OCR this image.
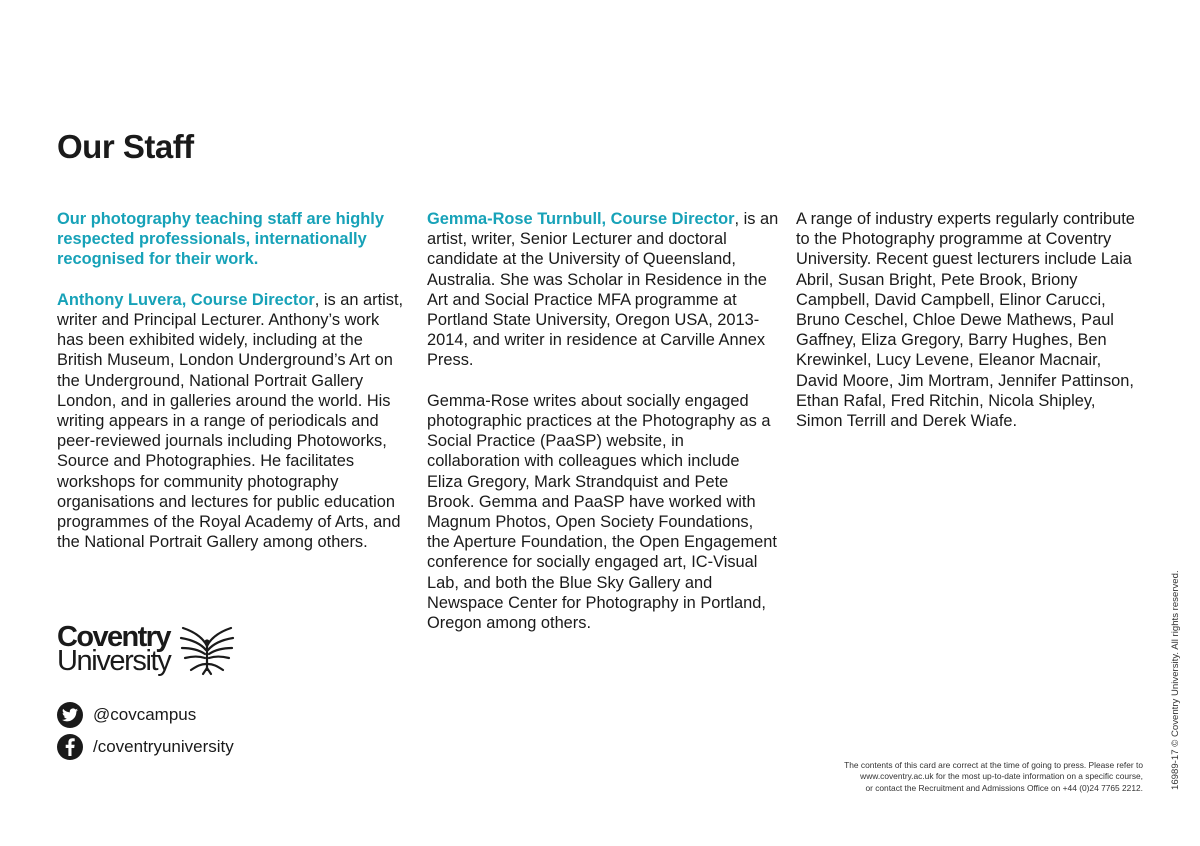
Our Staff

Our photography teaching staff are highly respected professionals, internationally recognised for their work.

Anthony Luvera, Course Director, is an artist, writer and Principal Lecturer. Anthony’s work has been exhibited widely, including at the British Museum, London Underground’s Art on the Underground, National Portrait Gallery London, and in galleries around the world. His writing appears in a range of periodicals and peer-reviewed journals including Photoworks, Source and Photographies. He facilitates workshops for community photography organisations and lectures for public education programmes of the Royal Academy of Arts, and the National Portrait Gallery among others.

Gemma-Rose Turnbull, Course Director, is an artist, writer, Senior Lecturer and doctoral candidate at the University of Queensland, Australia. She was Scholar in Residence in the Art and Social Practice MFA programme at Portland State University, Oregon USA, 2013-2014, and writer in residence at Carville Annex Press.

Gemma-Rose writes about socially engaged photographic practices at the Photography as a Social Practice (PaaSP) website, in collaboration with colleagues which include Eliza Gregory, Mark Strandquist and Pete Brook. Gemma and PaaSP have worked with Magnum Photos, Open Society Foundations, the Aperture Foundation, the Open Engagement conference for socially engaged art, IC-Visual Lab, and both the Blue Sky Gallery and Newspace Center for Photography in Portland, Oregon among others.

A range of industry experts regularly contribute to the Photography programme at Coventry University. Recent guest lecturers include Laia Abril, Susan Bright, Pete Brook, Briony Campbell, David Campbell, Elinor Carucci, Bruno Ceschel, Chloe Dewe Mathews, Paul Gaffney, Eliza Gregory, Barry Hughes, Ben Krewinkel, Lucy Levene, Eleanor Macnair, David Moore, Jim Mortram, Jennifer Pattinson, Ethan Rafal, Fred Ritchin, Nicola Shipley, Simon Terrill and Derek Wiafe.

Coventry
University
@covcampus
/coventryuniversity
The contents of this card are correct at the time of going to press. Please refer to
www.coventry.ac.uk for the most up-to-date information on a specific course,
or contact the Recruitment and Admissions Office on +44 (0)24 7765 2212.	16989-17 © Coventry University. All rights reserved.
